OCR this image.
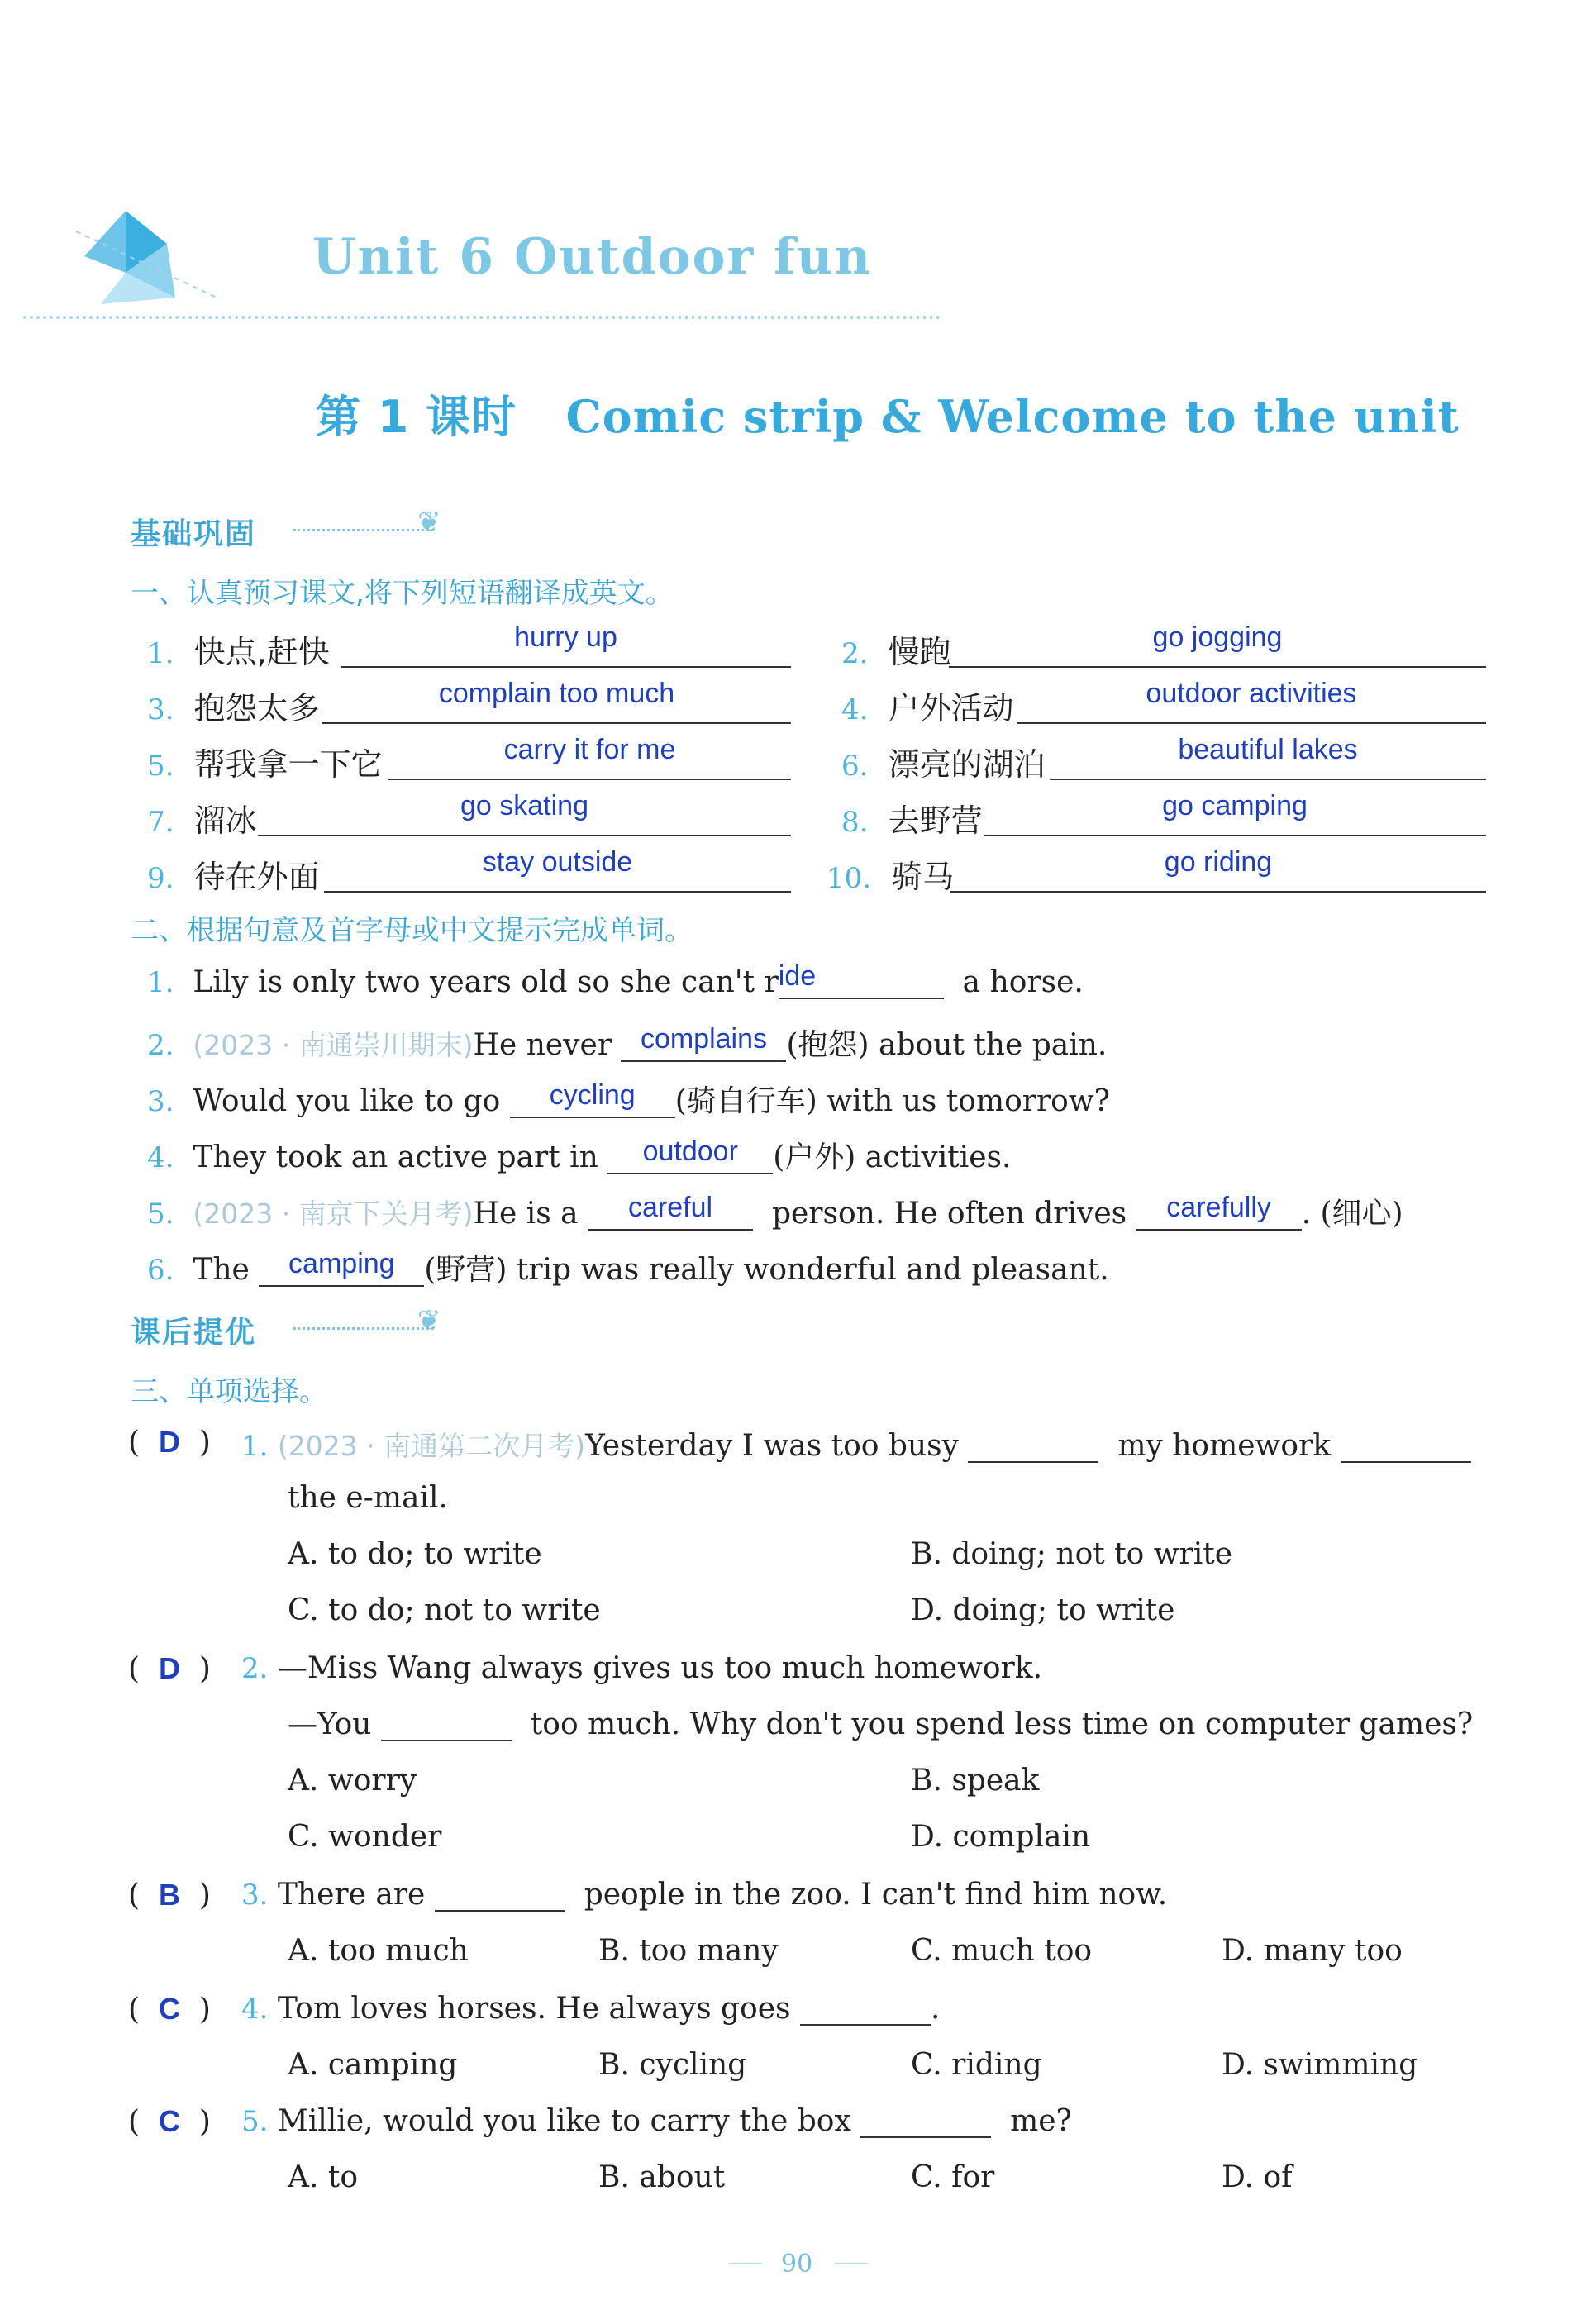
Unit 6 Outdoor fun
第 1 课时 Comic strip & Welcome to the unit
基础巩固	❦
一、认真预习课文,将下列短语翻译成英文。
1. 快点,赶快	hurry up	2. 慢跑	go jogging
3. 抱怨太多	complain too much	4. 户外活动	outdoor activities
5. 帮我拿一下它	carry it for me	6. 漂亮的湖泊	beautiful lakes
7. 溜冰	go skating	8. 去野营	go camping
9. 待在外面	stay outside	10. 骑马	go riding
二、根据句意及首字母或中文提示完成单词。
1. Lily is only two years old so she can't ride	a horse.
2. (2023 · 南通崇川期末)He never complains (抱怨) about the pain.
3. Would you like to go cycling (骑自行车) with us tomorrow?
4. They took an active part in outdoor (户外) activities.
5. (2023 · 南京下关月考)He is a careful person. He often drives carefully . (细心)
6. The camping (野营) trip was really wonderful and pleasant.
课后提优	❦
三、单项选择。
(  D  ) 1. (2023 · 南通第二次月考)Yesterday I was too busy	my homework
the e-mail.
A. to do; to write	B. doing; not to write
C. to do; not to write	D. doing; to write
(  D  ) 2. —Miss Wang always gives us too much homework.
—You	too much. Why don't you spend less time on computer games?
A. worry	B. speak
C. wonder	D. complain
(  B  ) 3. There are	people in the zoo. I can't find him now.
A. too much	B. too many	C. much too	D. many too
(  C  ) 4. Tom loves horses. He always goes	.
A. camping	B. cycling	C. riding	D. swimming
(  C  ) 5. Millie, would you like to carry the box	me?
A. to	B. about	C. for	D. of
90
